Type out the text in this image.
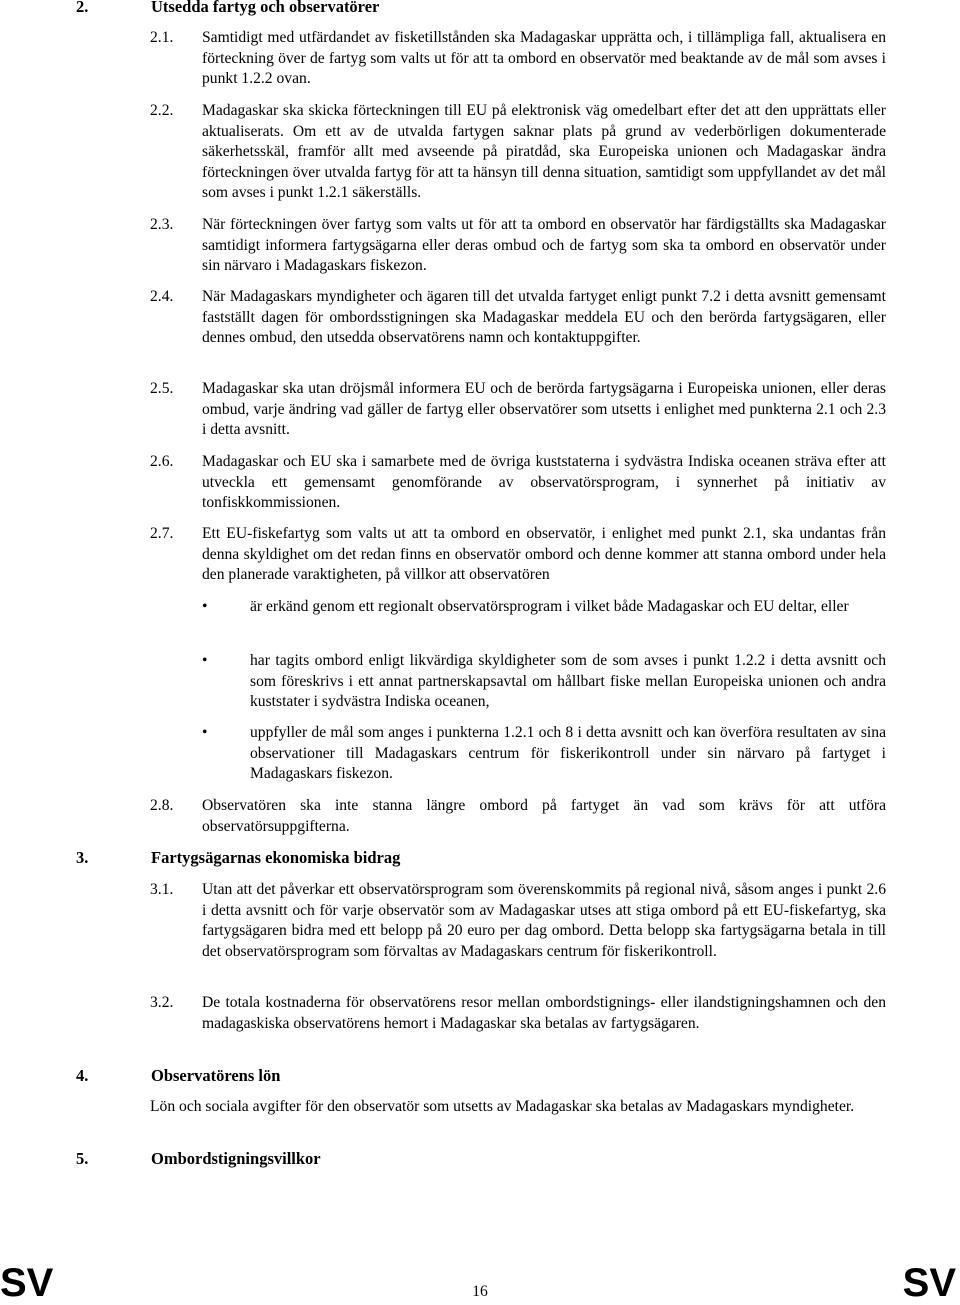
2.	Utsedda fartyg och observatörer
2.1.	Samtidigt med utfärdandet av fisketillstånden ska Madagaskar upprätta och, i tillämpliga fall, aktualisera en förteckning över de fartyg som valts ut för att ta ombord en observatör med beaktande av de mål som avses i punkt 1.2.2 ovan.
2.2.	Madagaskar ska skicka förteckningen till EU på elektronisk väg omedelbart efter det att den upprättats eller aktualiserats. Om ett av de utvalda fartygen saknar plats på grund av vederbörligen dokumenterade säkerhetsskäl, framför allt med avseende på piratdåd, ska Europeiska unionen och Madagaskar ändra förteckningen över utvalda fartyg för att ta hänsyn till denna situation, samtidigt som uppfyllandet av det mål som avses i punkt 1.2.1 säkerställs.
2.3.	När förteckningen över fartyg som valts ut för att ta ombord en observatör har färdigställts ska Madagaskar samtidigt informera fartygsägarna eller deras ombud och de fartyg som ska ta ombord en observatör under sin närvaro i Madagaskars fiskezon.
2.4.	När Madagaskars myndigheter och ägaren till det utvalda fartyget enligt punkt 7.2 i detta avsnitt gemensamt fastställt dagen för ombordsstigningen ska Madagaskar meddela EU och den berörda fartygsägaren, eller dennes ombud, den utsedda observatörens namn och kontaktuppgifter.
2.5.	Madagaskar ska utan dröjsmål informera EU och de berörda fartygsägarna i Europeiska unionen, eller deras ombud, varje ändring vad gäller de fartyg eller observatörer som utsetts i enlighet med punkterna 2.1 och 2.3 i detta avsnitt.
2.6.	Madagaskar och EU ska i samarbete med de övriga kuststaterna i sydvästra Indiska oceanen sträva efter att utveckla ett gemensamt genomförande av observatörsprogram, i synnerhet på initiativ av tonfiskkommissionen.
2.7.	Ett EU-fiskefartyg som valts ut att ta ombord en observatör, i enlighet med punkt 2.1, ska undantas från denna skyldighet om det redan finns en observatör ombord och denne kommer att stanna ombord under hela den planerade varaktigheten, på villkor att observatören
•	är erkänd genom ett regionalt observatörsprogram i vilket både Madagaskar och EU deltar, eller
•	har tagits ombord enligt likvärdiga skyldigheter som de som avses i punkt 1.2.2 i detta avsnitt och som föreskrivs i ett annat partnerskapsavtal om hållbart fiske mellan Europeiska unionen och andra kuststater i sydvästra Indiska oceanen,
•	uppfyller de mål som anges i punkterna 1.2.1 och 8 i detta avsnitt och kan överföra resultaten av sina observationer till Madagaskars centrum för fiskerikontroll under sin närvaro på fartyget i Madagaskars fiskezon.
2.8.	Observatören ska inte stanna längre ombord på fartyget än vad som krävs för att utföra observatörsuppgifterna.
3.	Fartygsägarnas ekonomiska bidrag
3.1.	Utan att det påverkar ett observatörsprogram som överenskommits på regional nivå, såsom anges i punkt 2.6 i detta avsnitt och för varje observatör som av Madagaskar utses att stiga ombord på ett EU-fiskefartyg, ska fartygsägaren bidra med ett belopp på 20 euro per dag ombord. Detta belopp ska fartygsägarna betala in till det observatörsprogram som förvaltas av Madagaskars centrum för fiskerikontroll.
3.2.	De totala kostnaderna för observatörens resor mellan ombordstignings- eller ilandstigningshamnen och den madagaskiska observatörens hemort i Madagaskar ska betalas av fartygsägaren.
4.	Observatörens lön
Lön och sociala avgifter för den observatör som utsetts av Madagaskar ska betalas av Madagaskars myndigheter.
5.	Ombordstigningsvillkor
SV	16	SV
